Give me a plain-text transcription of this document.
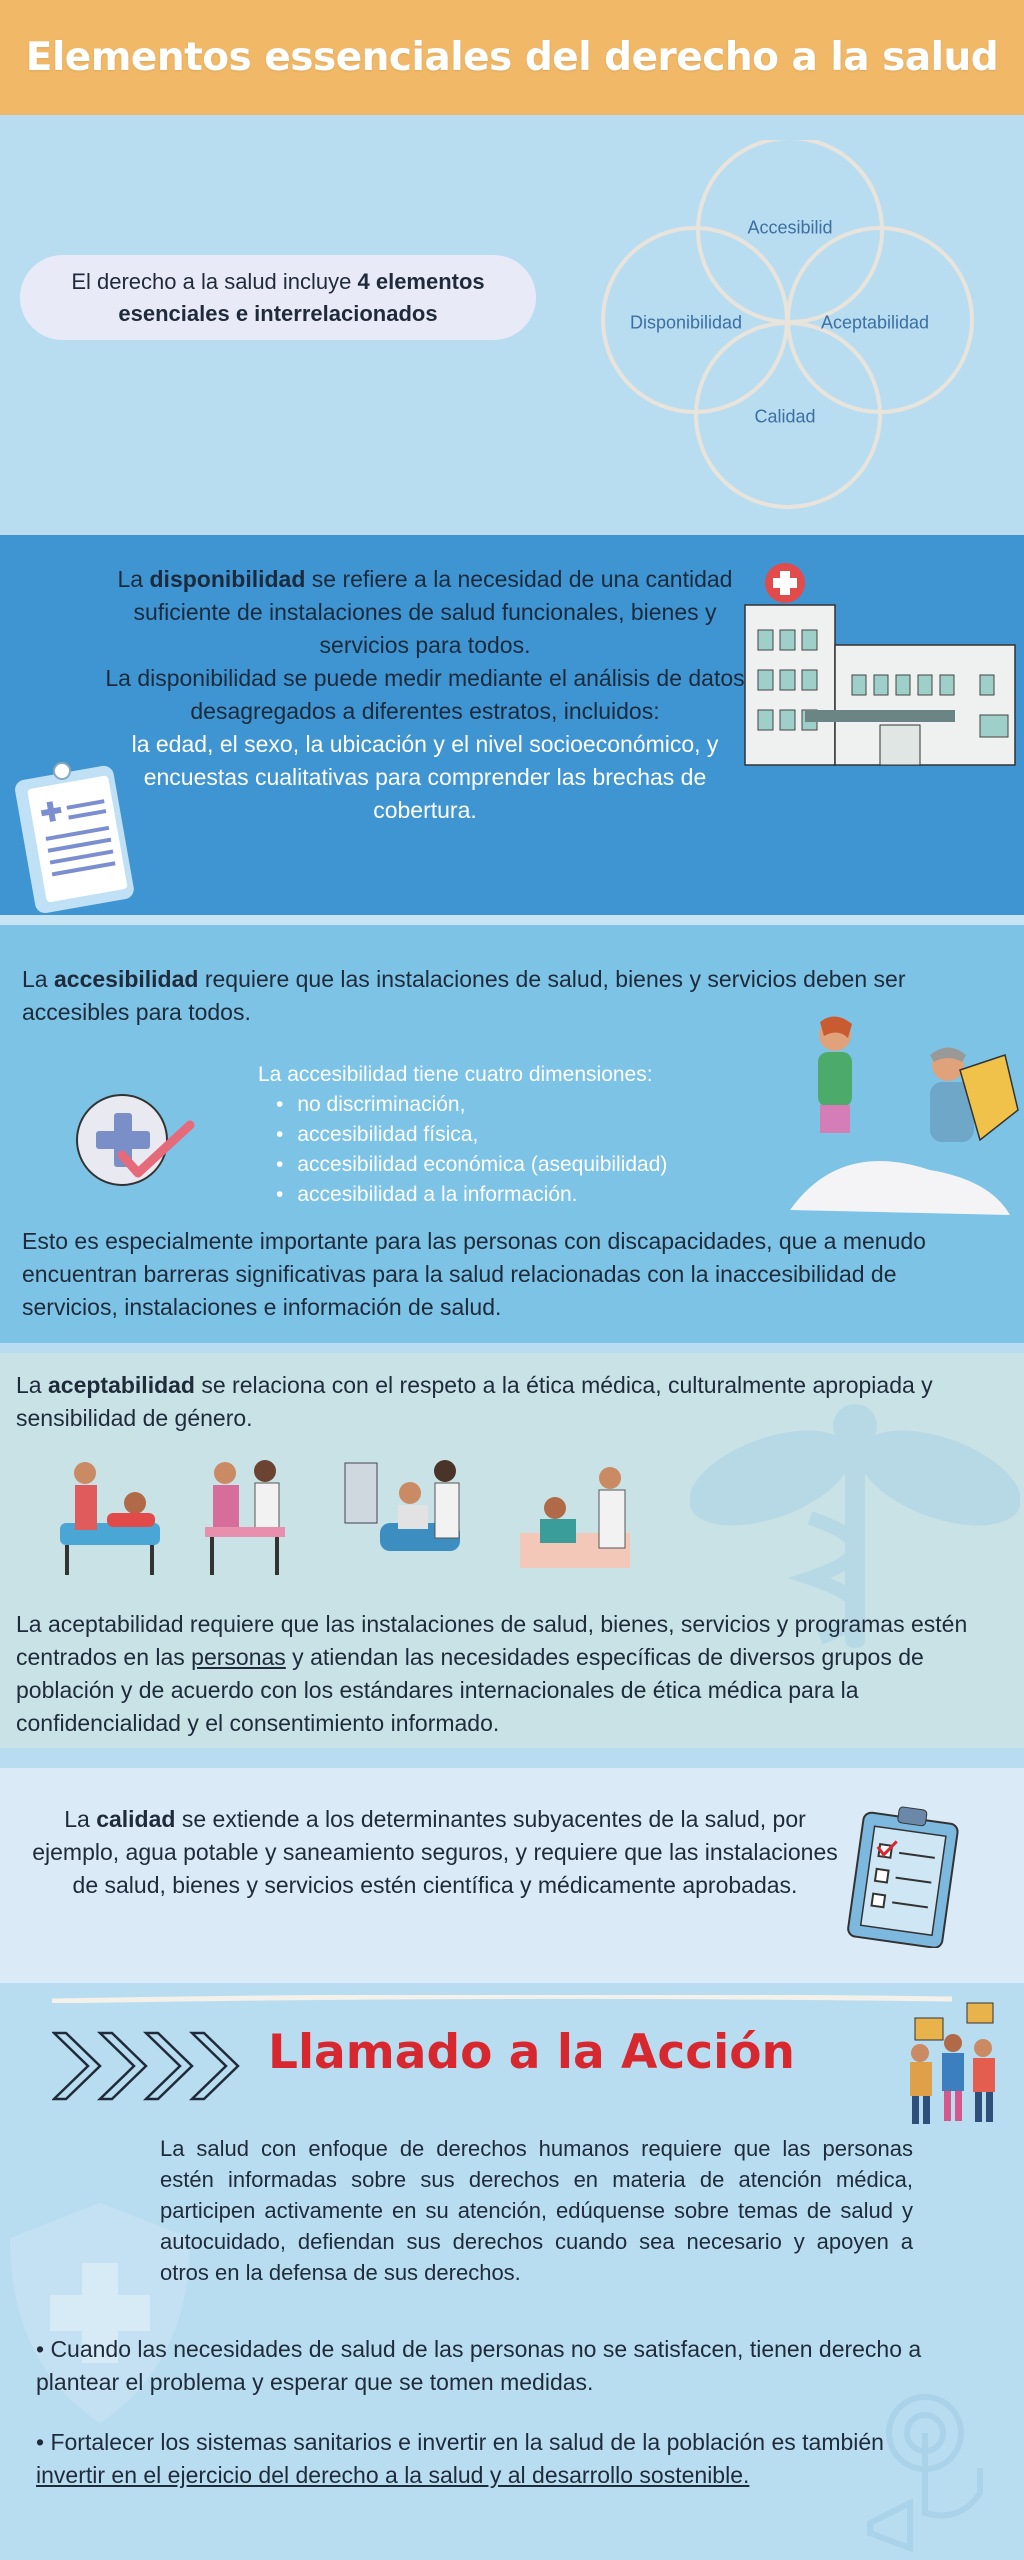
Elementos essenciales del derecho a la salud
El derecho a la salud incluye 4 elementos esenciales e interrelacionados
Accesibilid
Disponibilidad	Aceptabilidad
Calidad

La disponibilidad se refiere a la necesidad de una cantidad suficiente de instalaciones de salud funcionales, bienes y servicios para todos.

La disponibilidad se puede medir mediante el análisis de datos desagregados a diferentes estratos, incluidos:

la edad, el sexo, la ubicación y el nivel socioeconómico, y encuestas cualitativas para comprender las brechas de cobertura.

La accesibilidad requiere que las instalaciones de salud, bienes y servicios deben ser accesibles para todos.

La accesibilidad tiene cuatro dimensiones:

• no discriminación,
• accesibilidad física,
• accesibilidad económica (asequibilidad)
• accesibilidad a la información.

Esto es especialmente importante para las personas con discapacidades, que a menudo encuentran barreras significativas para la salud relacionadas con la inaccesibilidad de servicios, instalaciones e información de salud.

La aceptabilidad se relaciona con el respeto a la ética médica, culturalmente apropiada y sensibilidad de género.

La aceptabilidad requiere que las instalaciones de salud, bienes, servicios y programas estén centrados en las personas y atiendan las necesidades específicas de diversos grupos de población y de acuerdo con los estándares internacionales de ética médica para la confidencialidad y el consentimiento informado.

La calidad se extiende a los determinantes subyacentes de la salud, por ejemplo, agua potable y saneamiento seguros, y requiere que las instalaciones de salud, bienes y servicios estén científica y médicamente aprobadas.

Llamado a la Acción

La salud con enfoque de derechos humanos requiere que las personas estén informadas sobre sus derechos en materia de atención médica, participen activamente en su atención, edúquense sobre temas de salud y autocuidado, defiendan sus derechos cuando sea necesario y apoyen a otros en la defensa de sus derechos.

• Cuando las necesidades de salud de las personas no se satisfacen, tienen derecho a plantear el problema y esperar que se tomen medidas.

• Fortalecer los sistemas sanitarios e invertir en la salud de la población es también invertir en el ejercicio del derecho a la salud y al desarrollo sostenible.
